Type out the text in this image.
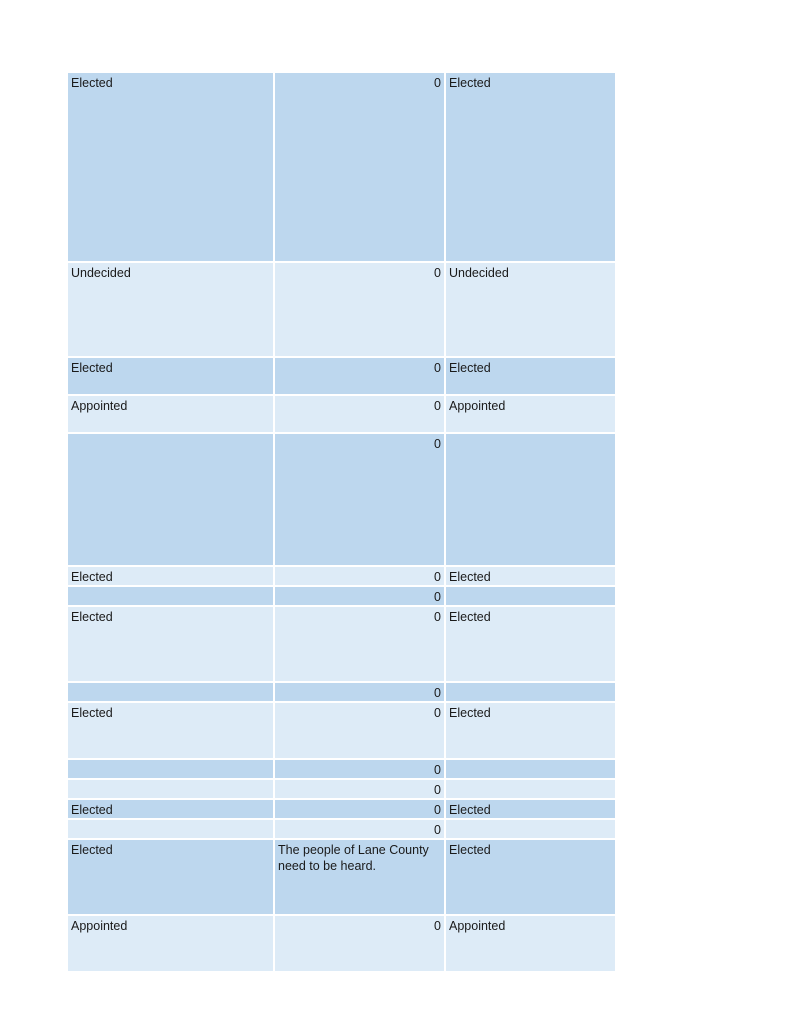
Elected	0	Elected
Undecided	0	Undecided
Elected	0	Elected
Appointed	0	Appointed
	0	
Elected	0	Elected
	0	
Elected	0	Elected
	0	
Elected	0	Elected
	0	
	0	
Elected	0	Elected
	0	
Elected	The people of Lane County need to be heard.	Elected
Appointed	0	Appointed
